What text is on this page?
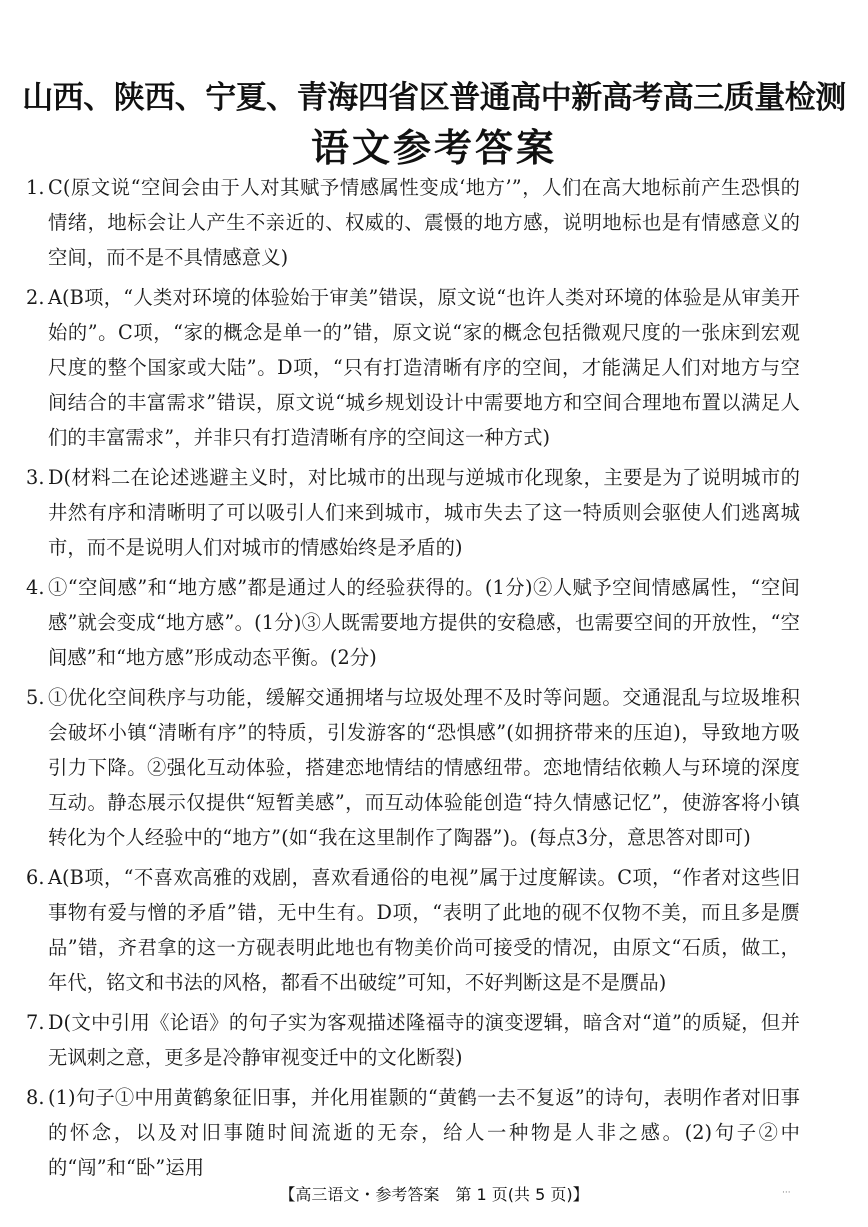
山西、陕西、宁夏、青海四省区普通高中新高考高三质量检测
语文参考答案
1. C(原文说“空间会由于人对其赋予情感属性变成‘地方’”，人们在高大地标前产生恐惧的情绪，地标会让人产生不亲近的、权威的、震慑的地方感，说明地标也是有情感意义的空间，而不是不具情感意义)
2. A(B项，“人类对环境的体验始于审美”错误，原文说“也许人类对环境的体验是从审美开始的”。C项，“家的概念是单一的”错，原文说“家的概念包括微观尺度的一张床到宏观尺度的整个国家或大陆”。D项，“只有打造清晰有序的空间，才能满足人们对地方与空间结合的丰富需求”错误，原文说“城乡规划设计中需要地方和空间合理地布置以满足人们的丰富需求”，并非只有打造清晰有序的空间这一种方式)
3. D(材料二在论述逃避主义时，对比城市的出现与逆城市化现象，主要是为了说明城市的井然有序和清晰明了可以吸引人们来到城市，城市失去了这一特质则会驱使人们逃离城市，而不是说明人们对城市的情感始终是矛盾的)
4. ①“空间感”和“地方感”都是通过人的经验获得的。(1分)②人赋予空间情感属性，“空间感”就会变成“地方感”。(1分)③人既需要地方提供的安稳感，也需要空间的开放性，“空间感”和“地方感”形成动态平衡。(2分)
5. ①优化空间秩序与功能，缓解交通拥堵与垃圾处理不及时等问题。交通混乱与垃圾堆积会破坏小镇“清晰有序”的特质，引发游客的“恐惧感”(如拥挤带来的压迫)，导致地方吸引力下降。②强化互动体验，搭建恋地情结的情感纽带。恋地情结依赖人与环境的深度互动。静态展示仅提供“短暂美感”，而互动体验能创造“持久情感记忆”，使游客将小镇转化为个人经验中的“地方”(如“我在这里制作了陶器”)。(每点3分，意思答对即可)
6. A(B项，“不喜欢高雅的戏剧，喜欢看通俗的电视”属于过度解读。C项，“作者对这些旧事物有爱与憎的矛盾”错，无中生有。D项，“表明了此地的砚不仅物不美，而且多是赝品”错，齐君拿的这一方砚表明此地也有物美价尚可接受的情况，由原文“石质，做工，年代，铭文和书法的风格，都看不出破绽”可知，不好判断这是不是赝品)
7. D(文中引用《论语》的句子实为客观描述隆福寺的演变逻辑，暗含对“道”的质疑，但并无讽刺之意，更多是冷静审视变迁中的文化断裂)
8. (1)句子①中用黄鹤象征旧事，并化用崔颢的“黄鹤一去不复返”的诗句，表明作者对旧事的怀念，以及对旧事随时间流逝的无奈，给人一种物是人非之感。(2)句子②中的“闯”和“卧”运用
【高三语文・参考答案　第 1 页(共 5 页)】	···
